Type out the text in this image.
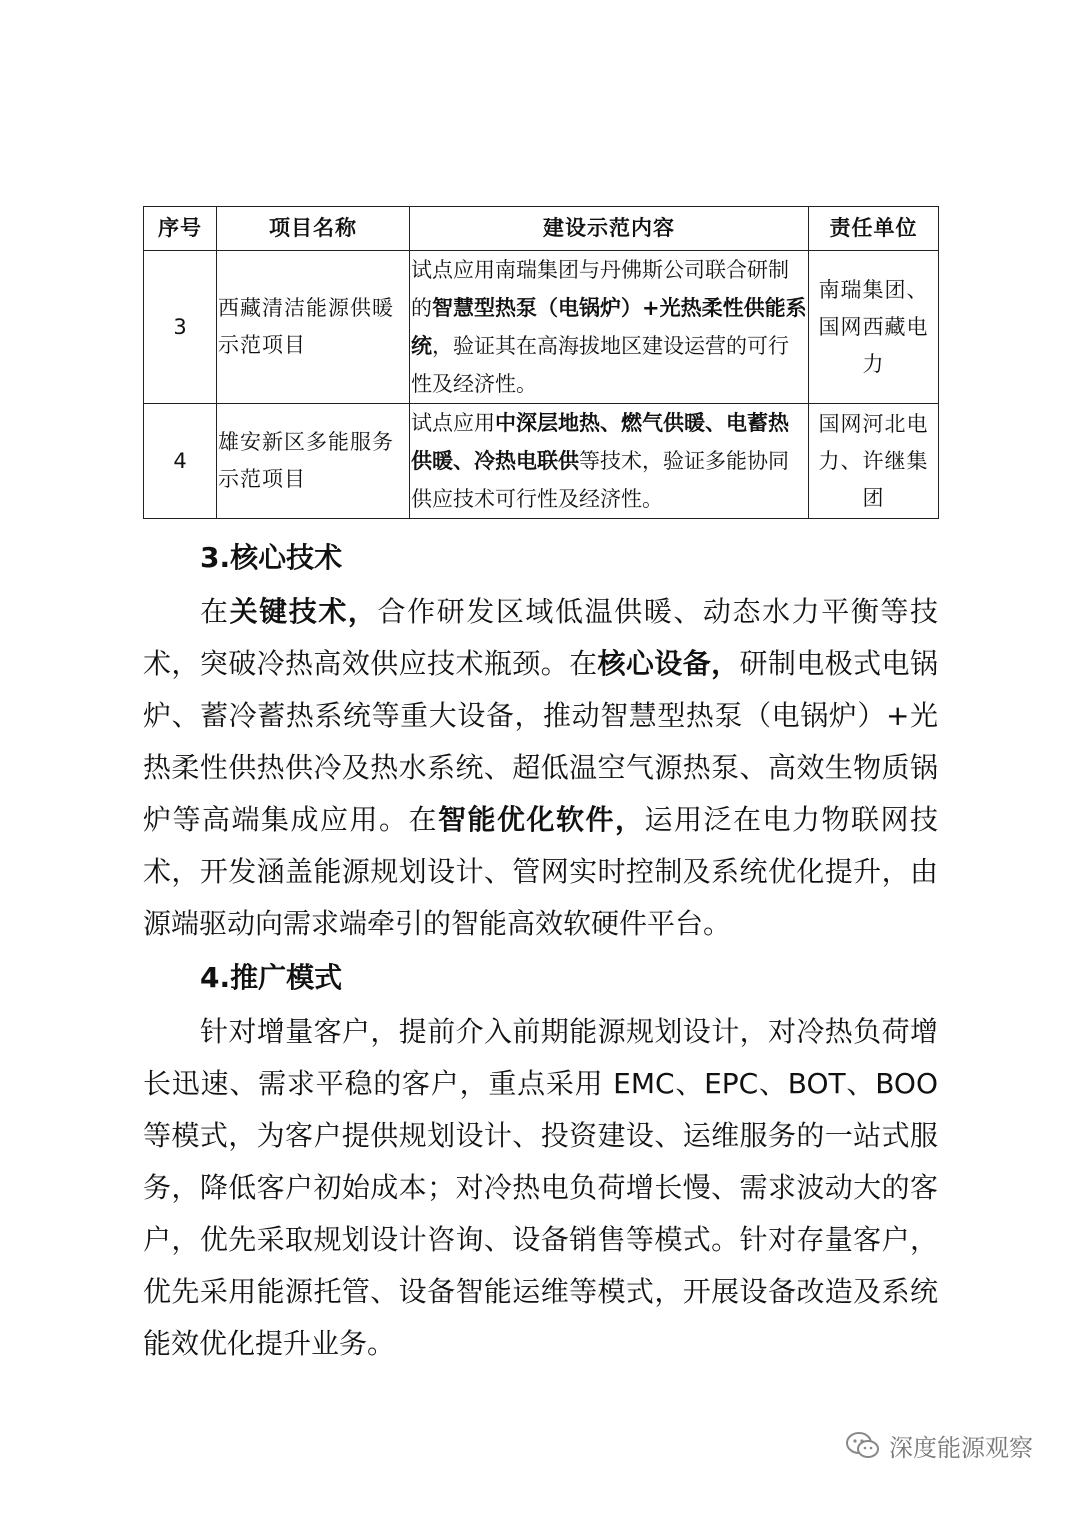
序号	项目名称	建设示范内容	责任单位
3	西藏清洁能源供暖示范项目	试点应用南瑞集团与丹佛斯公司联合研制的智慧型热泵（电锅炉）+光热柔性供能系统，验证其在高海拔地区建设运营的可行性及经济性。	南瑞集团、国网西藏电力
4	雄安新区多能服务示范项目	试点应用中深层地热、燃气供暖、电蓄热供暖、冷热电联供等技术，验证多能协同供应技术可行性及经济性。	国网河北电力、许继集团
3.核心技术

在关键技术，合作研发区域低温供暖、动态水力平衡等技术，突破冷热高效供应技术瓶颈。在核心设备，研制电极式电锅炉、蓄冷蓄热系统等重大设备，推动智慧型热泵（电锅炉）+光热柔性供热供冷及热水系统、超低温空气源热泵、高效生物质锅炉等高端集成应用。在智能优化软件，运用泛在电力物联网技术，开发涵盖能源规划设计、管网实时控制及系统优化提升，由源端驱动向需求端牵引的智能高效软硬件平台。

4.推广模式

针对增量客户，提前介入前期能源规划设计，对冷热负荷增长迅速、需求平稳的客户，重点采用 EMC、EPC、BOT、BOO 等模式，为客户提供规划设计、投资建设、运维服务的一站式服务，降低客户初始成本；对冷热电负荷增长慢、需求波动大的客户，优先采取规划设计咨询、设备销售等模式。针对存量客户，优先采用能源托管、设备智能运维等模式，开展设备改造及系统能效优化提升业务。

深度能源观察
